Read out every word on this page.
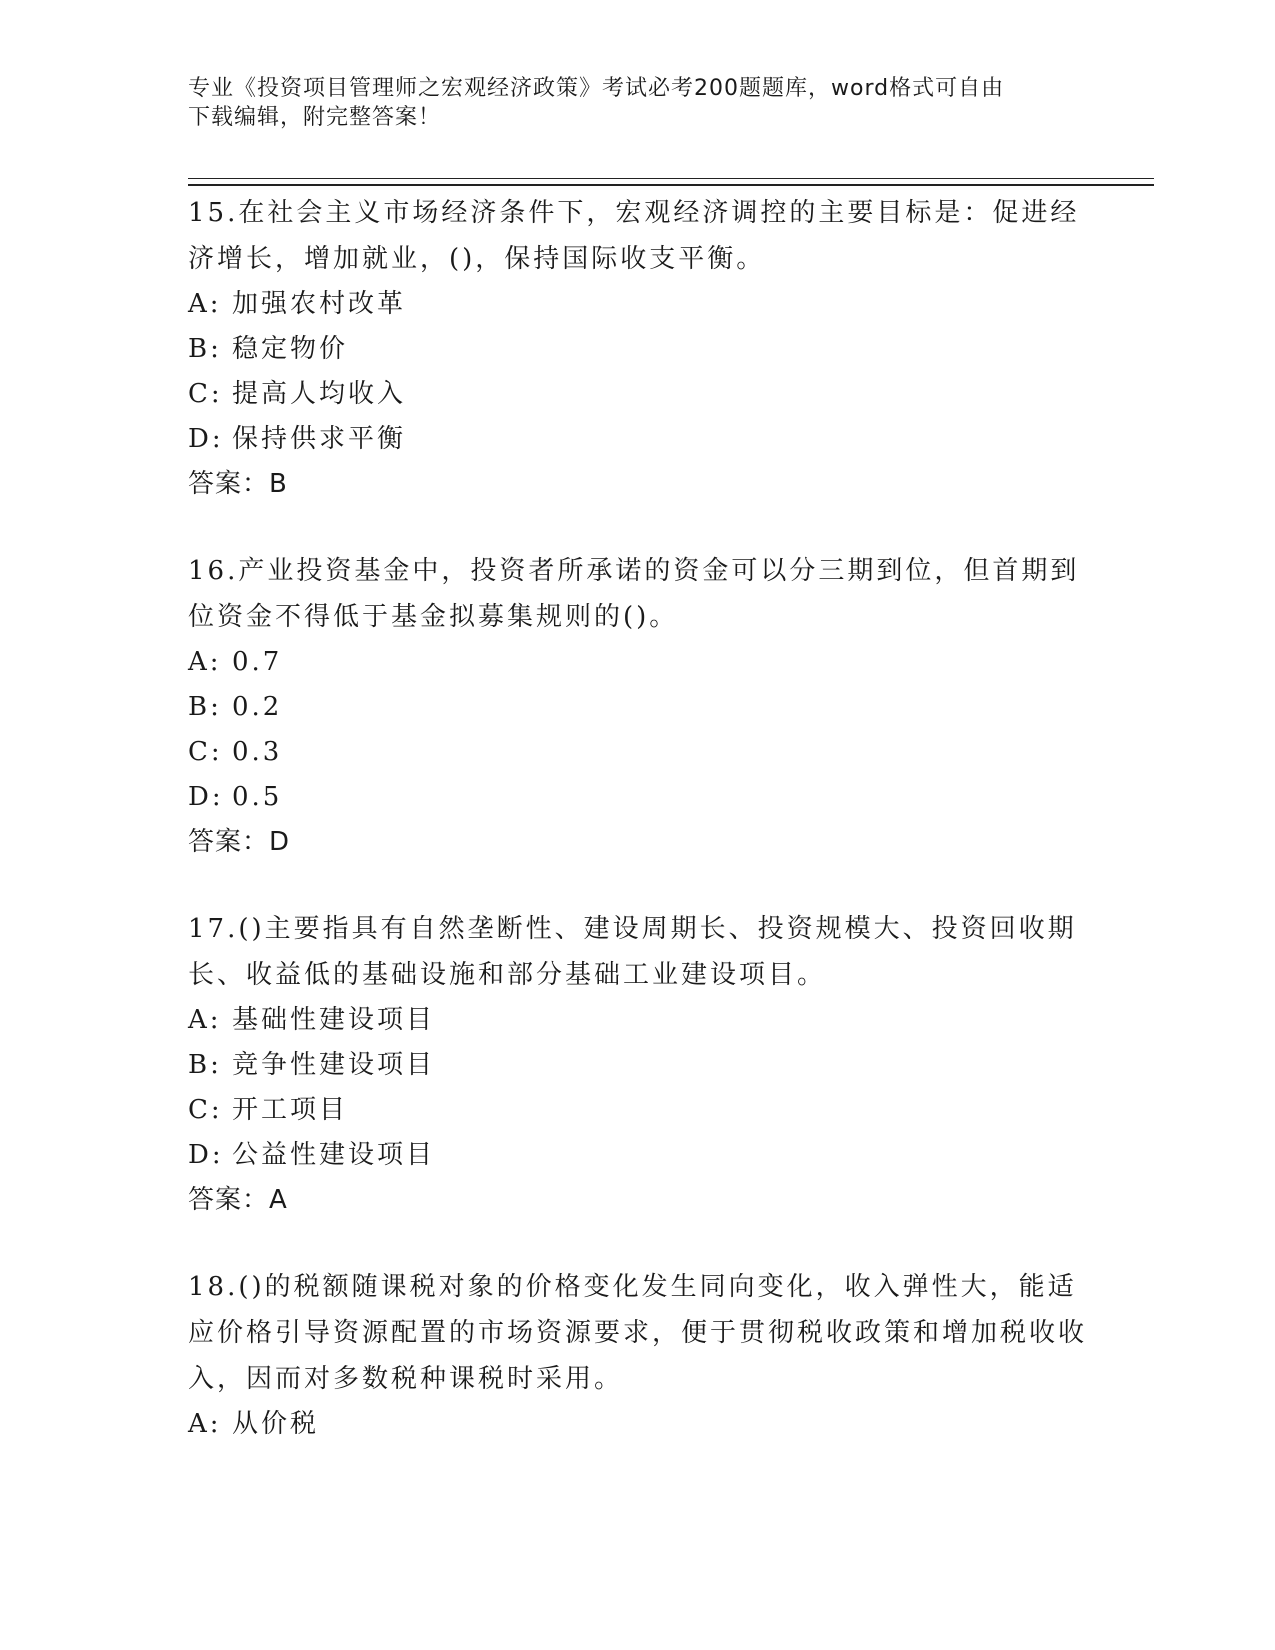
专业《投资项目管理师之宏观经济政策》考试必考200题题库，word格式可自由
下载编辑，附完整答案！
15.在社会主义市场经济条件下，宏观经济调控的主要目标是：促进经济增长，增加就业，()，保持国际收支平衡。
A: 加强农村改革
B: 稳定物价
C: 提高人均收入
D: 保持供求平衡
答案：B
16.产业投资基金中，投资者所承诺的资金可以分三期到位，但首期到位资金不得低于基金拟募集规则的()。
A: 0.7
B: 0.2
C: 0.3
D: 0.5
答案：D
17.()主要指具有自然垄断性、建设周期长、投资规模大、投资回收期长、收益低的基础设施和部分基础工业建设项目。
A: 基础性建设项目
B: 竞争性建设项目
C: 开工项目
D: 公益性建设项目
答案：A
18.()的税额随课税对象的价格变化发生同向变化，收入弹性大，能适应价格引导资源配置的市场资源要求，便于贯彻税收政策和增加税收收入，因而对多数税种课税时采用。
A: 从价税
